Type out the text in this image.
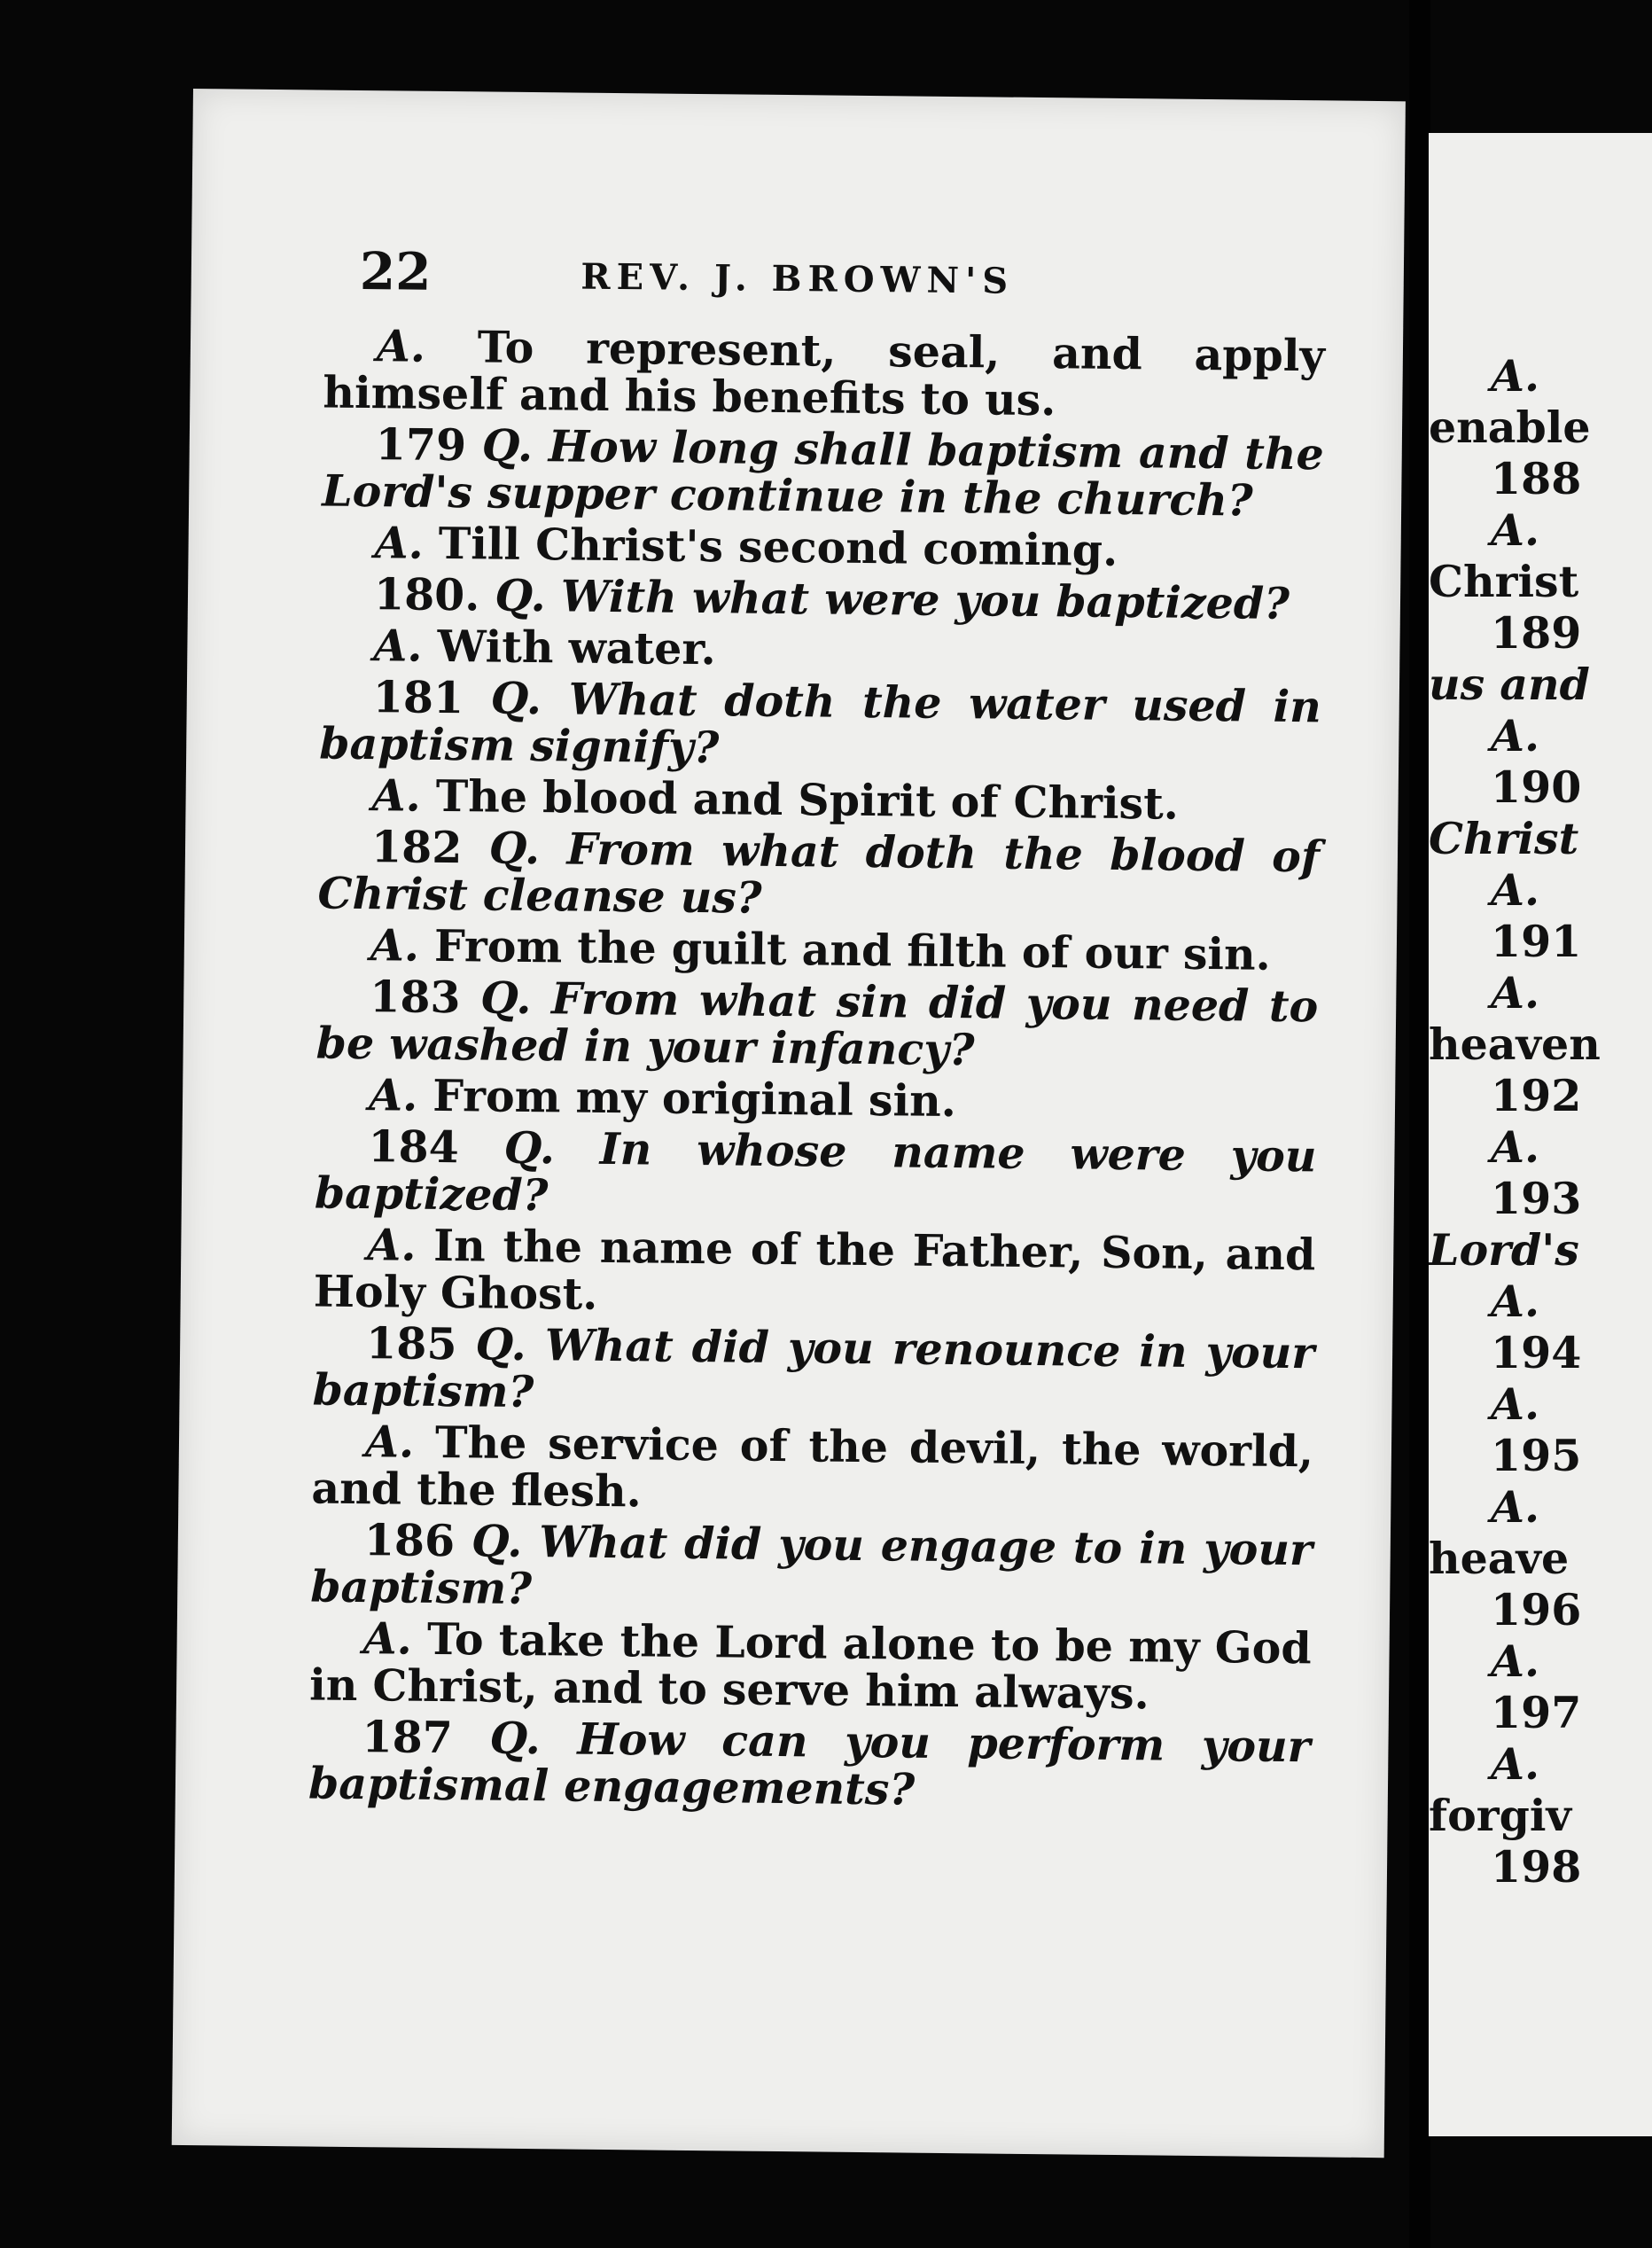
22	REV. J. BROWN'S

A. To represent, seal, and apply himself and his benefits to us.

179 Q. How long shall baptism and the Lord's supper continue in the church?

A. Till Christ's second coming.

180. Q. With what were you baptized?

A. With water.

181 Q. What doth the water used in baptism signify?

A. The blood and Spirit of Christ.

182 Q. From what doth the blood of Christ cleanse us?

A. From the guilt and filth of our sin.

183 Q. From what sin did you need to be washed in your infancy?

A. From my original sin.

184 Q. In whose name were you baptized?

A. In the name of the Father, Son, and Holy Ghost.

185 Q. What did you renounce in your baptism?

A. The service of the devil, the world, and the flesh.

186 Q. What did you engage to in your baptism?

A. To take the Lord alone to be my God in Christ, and to serve him always.

187 Q. How can you perform your baptismal engagements?

A.
enable
188
A.
Christ
189
us and
A.
190
Christ
A.
191
A.
heaven
192
A.
193
Lord's
A.
194
A.
195
A.
heave
196
A.
197
A.
forgiv
198
